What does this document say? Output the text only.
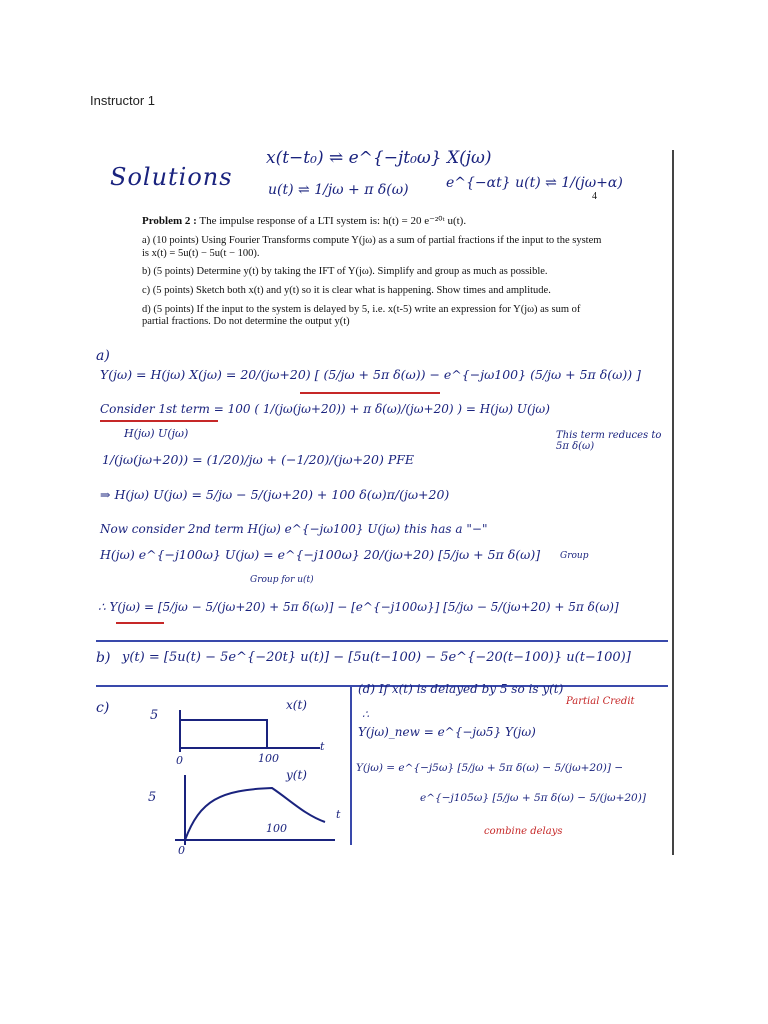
Instructor 1
Solutions
x(t−t₀) ⇌ e^{−jt₀ω} X(jω)
u(t) ⇌ 1/jω + π δ(ω)	e^{−αt} u(t) ⇌ 1/(jω+α)
4

Problem 2 : The impulse response of a LTI system is: h(t) = 20 e⁻²⁰ᵗ u(t).

a) (10 points) Using Fourier Transforms compute Y(jω) as a sum of partial fractions if the input to the system is x(t) = 5u(t) − 5u(t − 100).

b) (5 points) Determine y(t) by taking the IFT of Y(jω). Simplify and group as much as possible.

c) (5 points) Sketch both x(t) and y(t) so it is clear what is happening. Show times and amplitude.

d) (5 points) If the input to the system is delayed by 5, i.e. x(t-5) write an expression for Y(jω) as sum of partial fractions. Do not determine the output y(t)

a)
Y(jω) = H(jω) X(jω) = 20/(jω+20) [ (5/jω + 5π δ(ω)) − e^{−jω100} (5/jω + 5π δ(ω)) ]
Consider 1st term = 100 ( 1/(jω(jω+20)) + π δ(ω)/(jω+20) ) = H(jω) U(jω)
H(jω) U(jω)
1/(jω(jω+20)) = (1/20)/jω + (−1/20)/(jω+20) PFE
This term reduces to 5π δ(ω)
⇒ H(jω) U(jω) = 5/jω − 5/(jω+20) + 100 δ(ω)π/(jω+20)
Now consider 2nd term H(jω) e^{−jω100} U(jω) this has a "−"
H(jω) e^{−j100ω} U(jω) = e^{−j100ω} 20/(jω+20) [5/jω + 5π δ(ω)]
Group for u(t)
Group
∴ Y(jω) = [5/jω − 5/(jω+20) + 5π δ(ω)] − [e^{−j100ω}] [5/jω − 5/(jω+20) + 5π δ(ω)]
b) y(t) = [5u(t) − 5e^{−20t} u(t)] − [5u(t−100) − 5e^{−20(t−100)} u(t−100)]
c)	5
x(t)
0	100
t
5
y(t)
0
100
t
(d) If x(t) is delayed by 5 so is y(t)
∴
Y(jω)_new = e^{−jω5} Y(jω)
Partial Credit
Y(jω) = e^{−j5ω} [5/jω + 5π δ(ω) − 5/(jω+20)] −
e^{−j105ω} [5/jω + 5π δ(ω) − 5/(jω+20)]
combine delays
